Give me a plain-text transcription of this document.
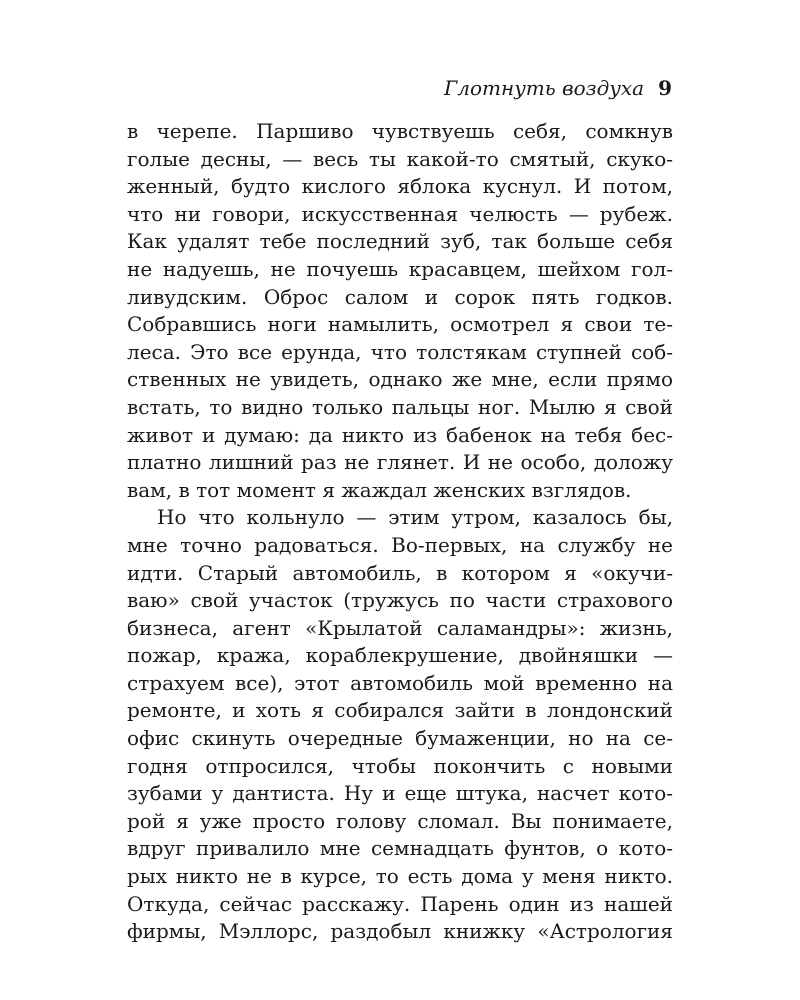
Глотнуть воздуха 9
в черепе. Паршиво чувствуешь себя, сомкнув
голые десны, — весь ты какой-то смятый, скуко-
женный, будто кислого яблока куснул. И потом,
что ни говори, искусственная челюсть — рубеж.
Как удалят тебе последний зуб, так больше себя
не надуешь, не почуешь красавцем, шейхом гол-
ливудским. Оброс салом и сорок пять годков.
Собравшись ноги намылить, осмотрел я свои те-
леса. Это все ерунда, что толстякам ступней соб-
ственных не увидеть, однако же мне, если прямо
встать, то видно только пальцы ног. Мылю я свой
живот и думаю: да никто из бабенок на тебя бес-
платно лишний раз не глянет. И не особо, доложу
вам, в тот момент я жаждал женских взглядов.
Но что кольнуло — этим утром, казалось бы,
мне точно радоваться. Во-первых, на службу не
идти. Старый автомобиль, в котором я «окучи-
ваю» свой участок (тружусь по части страхового
бизнеса, агент «Крылатой саламандры»: жизнь,
пожар, кража, кораблекрушение, двойняшки —
страхуем все), этот автомобиль мой временно на
ремонте, и хоть я собирался зайти в лондонский
офис скинуть очередные бумаженции, но на се-
годня отпросился, чтобы покончить с новыми
зубами у дантиста. Ну и еще штука, насчет кото-
рой я уже просто голову сломал. Вы понимаете,
вдруг привалило мне семнадцать фунтов, о кото-
рых никто не в курсе, то есть дома у меня никто.
Откуда, сейчас расскажу. Парень один из нашей
фирмы, Мэллорс, раздобыл книжку «Астрология
